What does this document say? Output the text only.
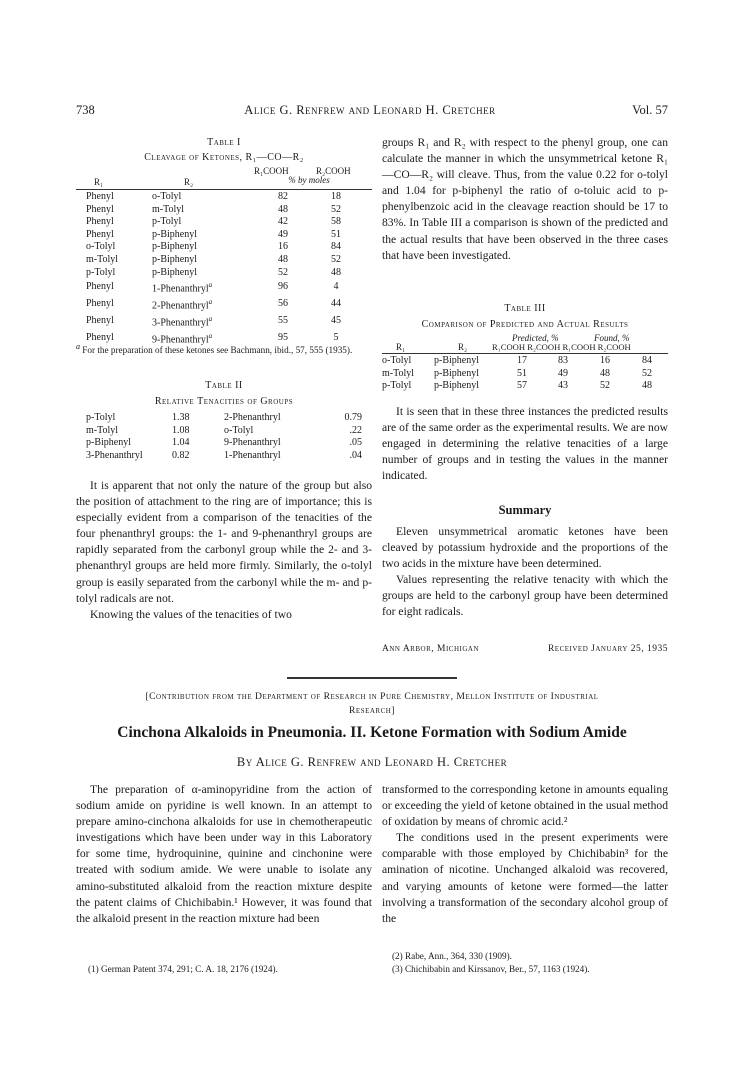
738	Alice G. Renfrew and Leonard H. Cretcher	Vol. 57
Table I
Cleavage of Ketones, R₁—CO—R₂
R₁	R₂
R₁COOH	R₂COOH
% by moles
Phenyl	o-Tolyl	82	18
Phenyl	m-Tolyl	48	52
Phenyl	p-Tolyl	42	58
Phenyl	p-Biphenyl	49	51
o-Tolyl	p-Biphenyl	16	84
m-Tolyl	p-Biphenyl	48	52
p-Tolyl	p-Biphenyl	52	48
Phenyl	1-Phenanthryl$^a$	96	4
Phenyl	2-Phenanthryl$^a$	56	44
Phenyl	3-Phenanthryl$^a$	55	45
Phenyl	9-Phenanthryl$^a$	95	5
a For the preparation of these ketones see Bachmann, ibid., 57, 555 (1935).
Table II
Relative Tenacities of Groups
p-Tolyl	1.38	2-Phenanthryl	0.79
m-Tolyl	1.08	o-Tolyl	.22
p-Biphenyl	1.04	9-Phenanthryl	.05
3-Phenanthryl	0.82	1-Phenanthryl	.04

It is apparent that not only the nature of the group but also the position of attachment to the ring are of importance; this is especially evident from a comparison of the tenacities of the four phenanthryl groups: the 1- and 9-phenanthryl groups are rapidly separated from the carbonyl group while the 2- and 3-phenanthryl groups are held more firmly. Similarly, the o-tolyl group is easily separated from the carbonyl while the m- and p-tolyl radicals are not.

Knowing the values of the tenacities of two

groups R₁ and R₂ with respect to the phenyl group, one can calculate the manner in which the unsymmetrical ketone R₁—CO—R₂ will cleave. Thus, from the value 0.22 for o-tolyl and 1.04 for p-biphenyl the ratio of o-toluic acid to p-phenylbenzoic acid in the cleavage reaction should be 17 to 83%. In Table III a comparison is shown of the predicted and the actual results that have been observed in the three cases that have been investigated.

Table III
Comparison of Predicted and Actual Results
R₁	R₂
Predicted, %	Found, %
R₁COOH R₂COOH R₁COOH R₂COOH
o-Tolyl	p-Biphenyl	17	83	16	84
m-Tolyl	p-Biphenyl	51	49	48	52
p-Tolyl	p-Biphenyl	57	43	52	48

It is seen that in these three instances the predicted results are of the same order as the experimental results. We are now engaged in determining the relative tenacities of a large number of groups and in testing the values in the manner indicated.

Summary

Eleven unsymmetrical aromatic ketones have been cleaved by potassium hydroxide and the proportions of the two acids in the mixture have been determined.

Values representing the relative tenacity with which the groups are held to the carbonyl group have been determined for eight radicals.

Ann Arbor, Michigan	Received January 25, 1935
[Contribution from the Department of Research in Pure Chemistry, Mellon Institute of Industrial
Research]
Cinchona Alkaloids in Pneumonia. II. Ketone Formation with Sodium Amide
By Alice G. Renfrew and Leonard H. Cretcher

The preparation of α-aminopyridine from the action of sodium amide on pyridine is well known. In an attempt to prepare amino-cinchona alkaloids for use in chemotherapeutic investigations which have been under way in this Laboratory for some time, hydroquinine, quinine and cinchonine were treated with sodium amide. We were unable to isolate any amino-substituted alkaloid from the reaction mixture despite the patent claims of Chichibabin.¹ However, it was found that the alkaloid present in the reaction mixture had been

(1) German Patent 374, 291; C. A. 18, 2176 (1924).

transformed to the corresponding ketone in amounts equaling or exceeding the yield of ketone obtained in the usual method of oxidation by means of chromic acid.²

The conditions used in the present experiments were comparable with those employed by Chichibabin³ for the amination of nicotine. Unchanged alkaloid was recovered, and varying amounts of ketone were formed—the latter involving a transformation of the secondary alcohol group of the

(2) Rabe, Ann., 364, 330 (1909).
(3) Chichibabin and Kirssanov, Ber., 57, 1163 (1924).
